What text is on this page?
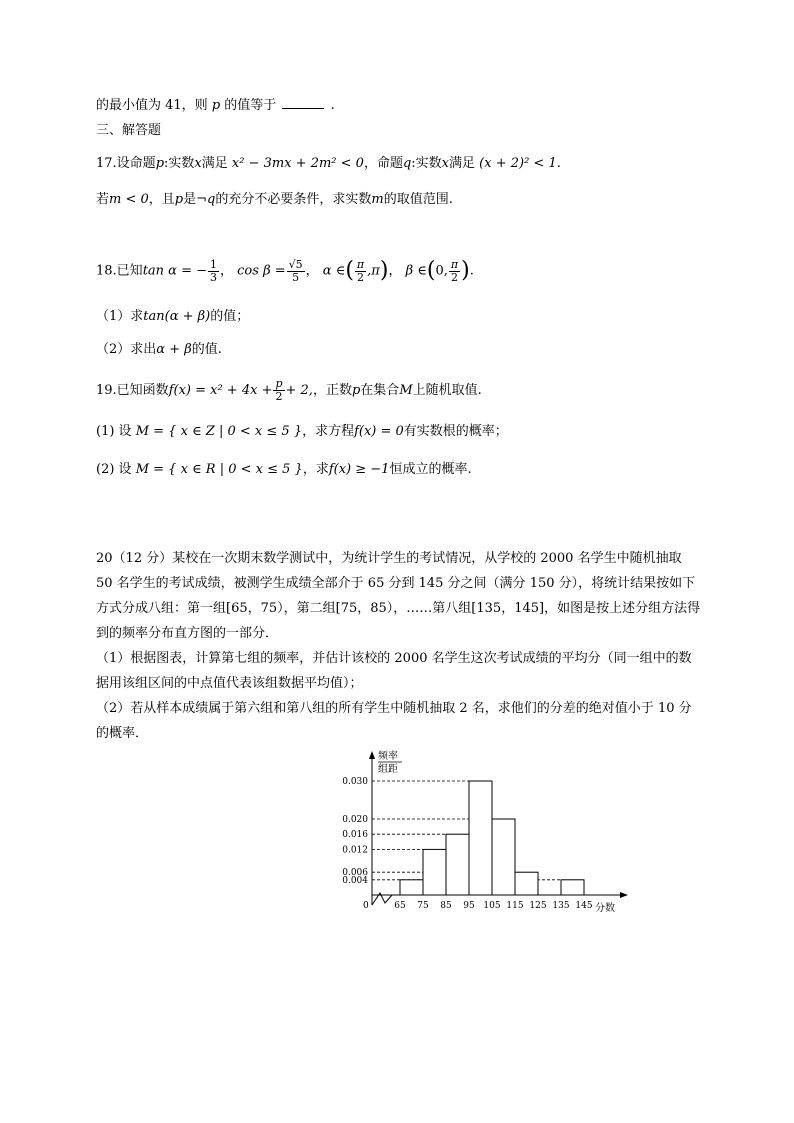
的最小值为 41，则 p 的值等于	.
三、解答题
17.设命题p:实数x满足 x² − 3mx + 2m² < 0，命题q:实数x满足 (x + 2)² < 1.
若m < 0，且p是¬q的充分不必要条件，求实数m的取值范围.
18.已知tan α = − $\frac{1}{3}$ ， $\cos \beta = \frac{√5}{5}$ ， α ∈( $\frac{\pi}{2} ,\pi$)， β ∈(0, $\frac{\pi}{2}$ ).
（1）求tan(α + β)的值；
（2）求出α + β的值.
19.已知函数$f(x) = x^2 + 4x + \frac{p}{2} + 2$,，正数p在集合M上随机取值.
(1) 设 M = { x ∈ Z | 0 < x ≤ 5 }，求方程f(x) = 0有实数根的概率；
(2) 设 M = { x ∈ R | 0 < x ≤ 5 }，求f(x) ≥ −1恒成立的概率.
20（12 分）某校在一次期末数学测试中，为统计学生的考试情况，从学校的 2000 名学生中随机抽取 50 名学生的考试成绩，被测学生成绩全部介于 65 分到 145 分之间（满分 150 分），将统计结果按如下方式分成八组：第一组[65，75），第二组[75，85），……第八组[135，145]，如图是按上述分组方法得到的频率分布直方图的一部分．
（1）根据图表，计算第七组的频率，并估计该校的 2000 名学生这次考试成绩的平均分（同一组中的数据用该组区间的中点值代表该组数据平均值）；
（2）若从样本成绩属于第六组和第八组的所有学生中随机抽取 2 名，求他们的分差的绝对值小于 10 分的概率．
频率
组距
分数
0
0.030
0.020
0.016
0.012
0.006
0.004
65 75 85 95 105 115 125 135 145
